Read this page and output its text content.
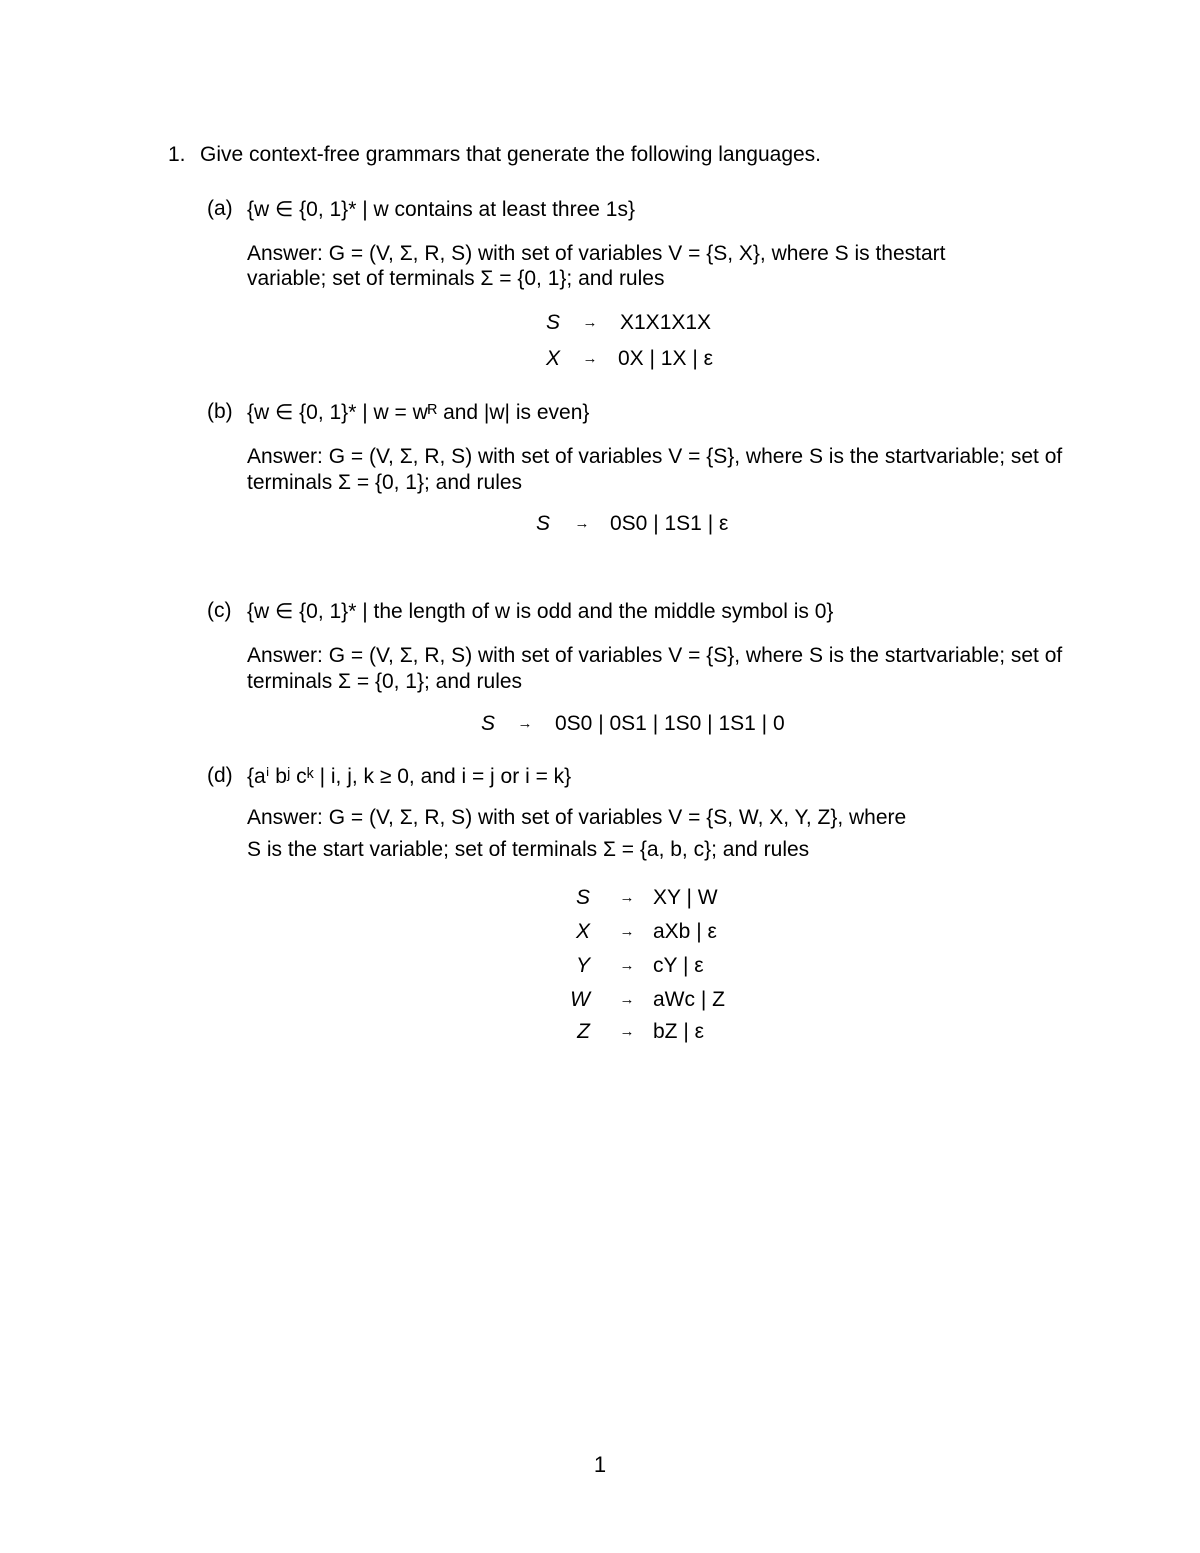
1. Give context-free grammars that generate the following languages.
(a) {w ∈ {0, 1}* | w contains at least three 1s}
Answer: G = (V, Σ, R, S) with set of variables V = {S, X}, where S is thestart
variable; set of terminals Σ = {0, 1}; and rules
S	→	X1X1X1X
X	→ 0X | 1X | ε
(b) {w ∈ {0, 1}* | w = wᴿ and |w| is even}
Answer: G = (V, Σ, R, S) with set of variables V = {S}, where S is the startvariable; set of
terminals Σ = {0, 1}; and rules
S	→ 0S0 | 1S1 | ε
(c) {w ∈ {0, 1}* | the length of w is odd and the middle symbol is 0}
Answer: G = (V, Σ, R, S) with set of variables V = {S}, where S is the startvariable; set of
terminals Σ = {0, 1}; and rules
S	→	0S0 | 0S1 | 1S0 | 1S1 | 0
(d) {aⁱ bʲ cᵏ | i, j, k ≥ 0, and i = j or i = k}
Answer: G = (V, Σ, R, S) with set of variables V = {S, W, X, Y, Z}, where
S is the start variable; set of terminals Σ = {a, b, c}; and rules
S	→ XY | W
X	→ aXb | ε
Y	→ cY | ε
W	→ aWc | Z
Z	→ bZ | ε
1
